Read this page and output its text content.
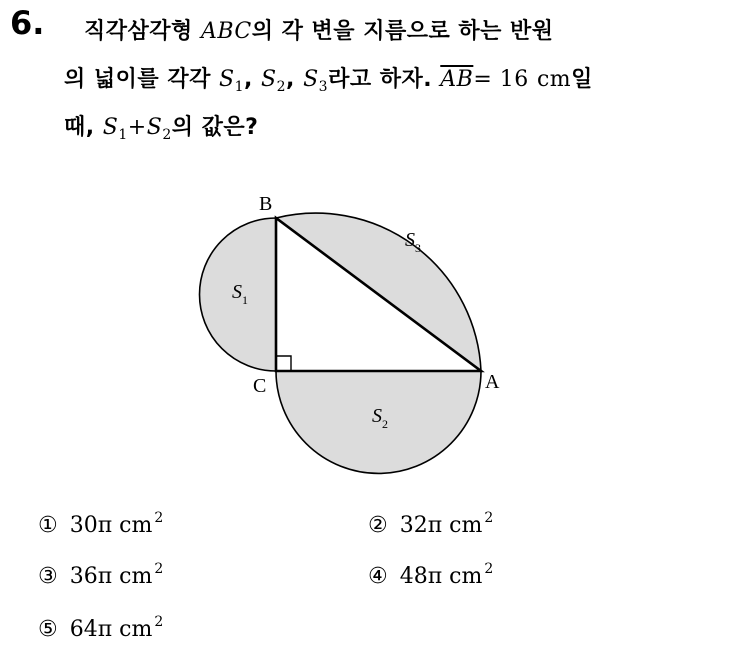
6. 직각삼각형 ABC의 각 변을 지름으로 하는 반원
의 넓이를 각각 $S_1$, $S_2$, $S_3$라고 하자. $\overline{AB}= 16$ cm일
때, $S_1+S_2$의 값은?
B
C	A
$S_1$
$S_2$
$S_3$
① 30π cm $^2$	② 32π cm $^2$
③ 36π cm $^2$	④ 48π cm $^2$
⑤ 64π cm $^2$
